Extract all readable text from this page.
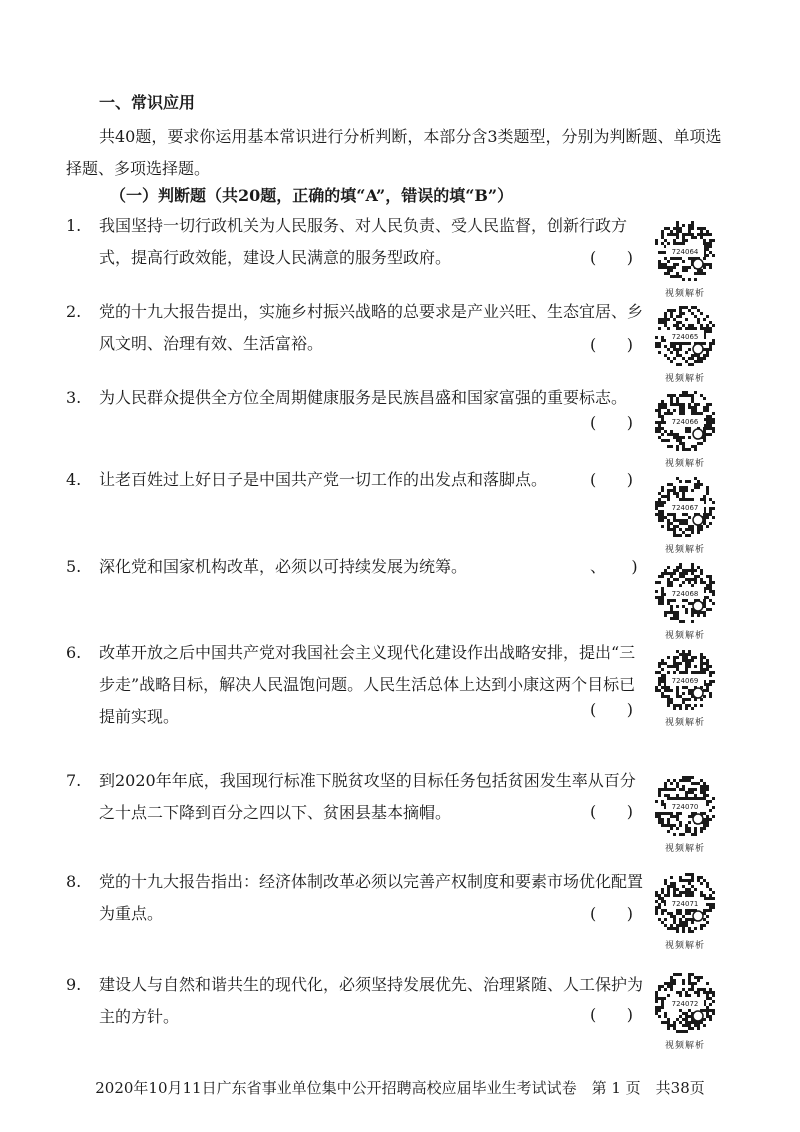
一、常识应用
共40题，要求你运用基本常识进行分析判断，本部分含3类题型，分别为判断题、单项选
择题、多项选择题。
（一）判断题（共20题，正确的填“A”，错误的填“B”）
1. 我国坚持一切行政机关为人民服务、对人民负责、受人民监督，创新行政方式，提高行政效能，建设人民满意的服务型政府。	(      )	724064
视频解析
2. 党的十九大报告提出，实施乡村振兴战略的总要求是产业兴旺、生态宜居、乡风文明、治理有效、生活富裕。	(      )	724065
视频解析
3. 为人民群众提供全方位全周期健康服务是民族昌盛和国家富强的重要标志。
(      )	724066
视频解析
4. 让老百姓过上好日子是中国共产党一切工作的出发点和落脚点。	(      )
724067
视频解析
5. 深化党和国家机构改革，必须以可持续发展为统筹。	、     )
724068
视频解析
6. 改革开放之后中国共产党对我国社会主义现代化建设作出战略安排，提出“三步走”战略目标，解决人民温饱问题。人民生活总体上达到小康这两个目标已提前实现。	(      )
724069
视频解析
7. 到2020年年底，我国现行标准下脱贫攻坚的目标任务包括贫困发生率从百分之十点二下降到百分之四以下、贫困县基本摘帽。	(      )	724070
视频解析
8. 党的十九大报告指出：经济体制改革必须以完善产权制度和要素市场优化配置为重点。	(      )	724071
视频解析
9. 建设人与自然和谐共生的现代化，必须坚持发展优先、治理紧随、人工保护为主的方针。	(      )
724072
视频解析
2020年10月11日广东省事业单位集中公开招聘高校应届毕业生考试试卷　第 1 页　共38页
